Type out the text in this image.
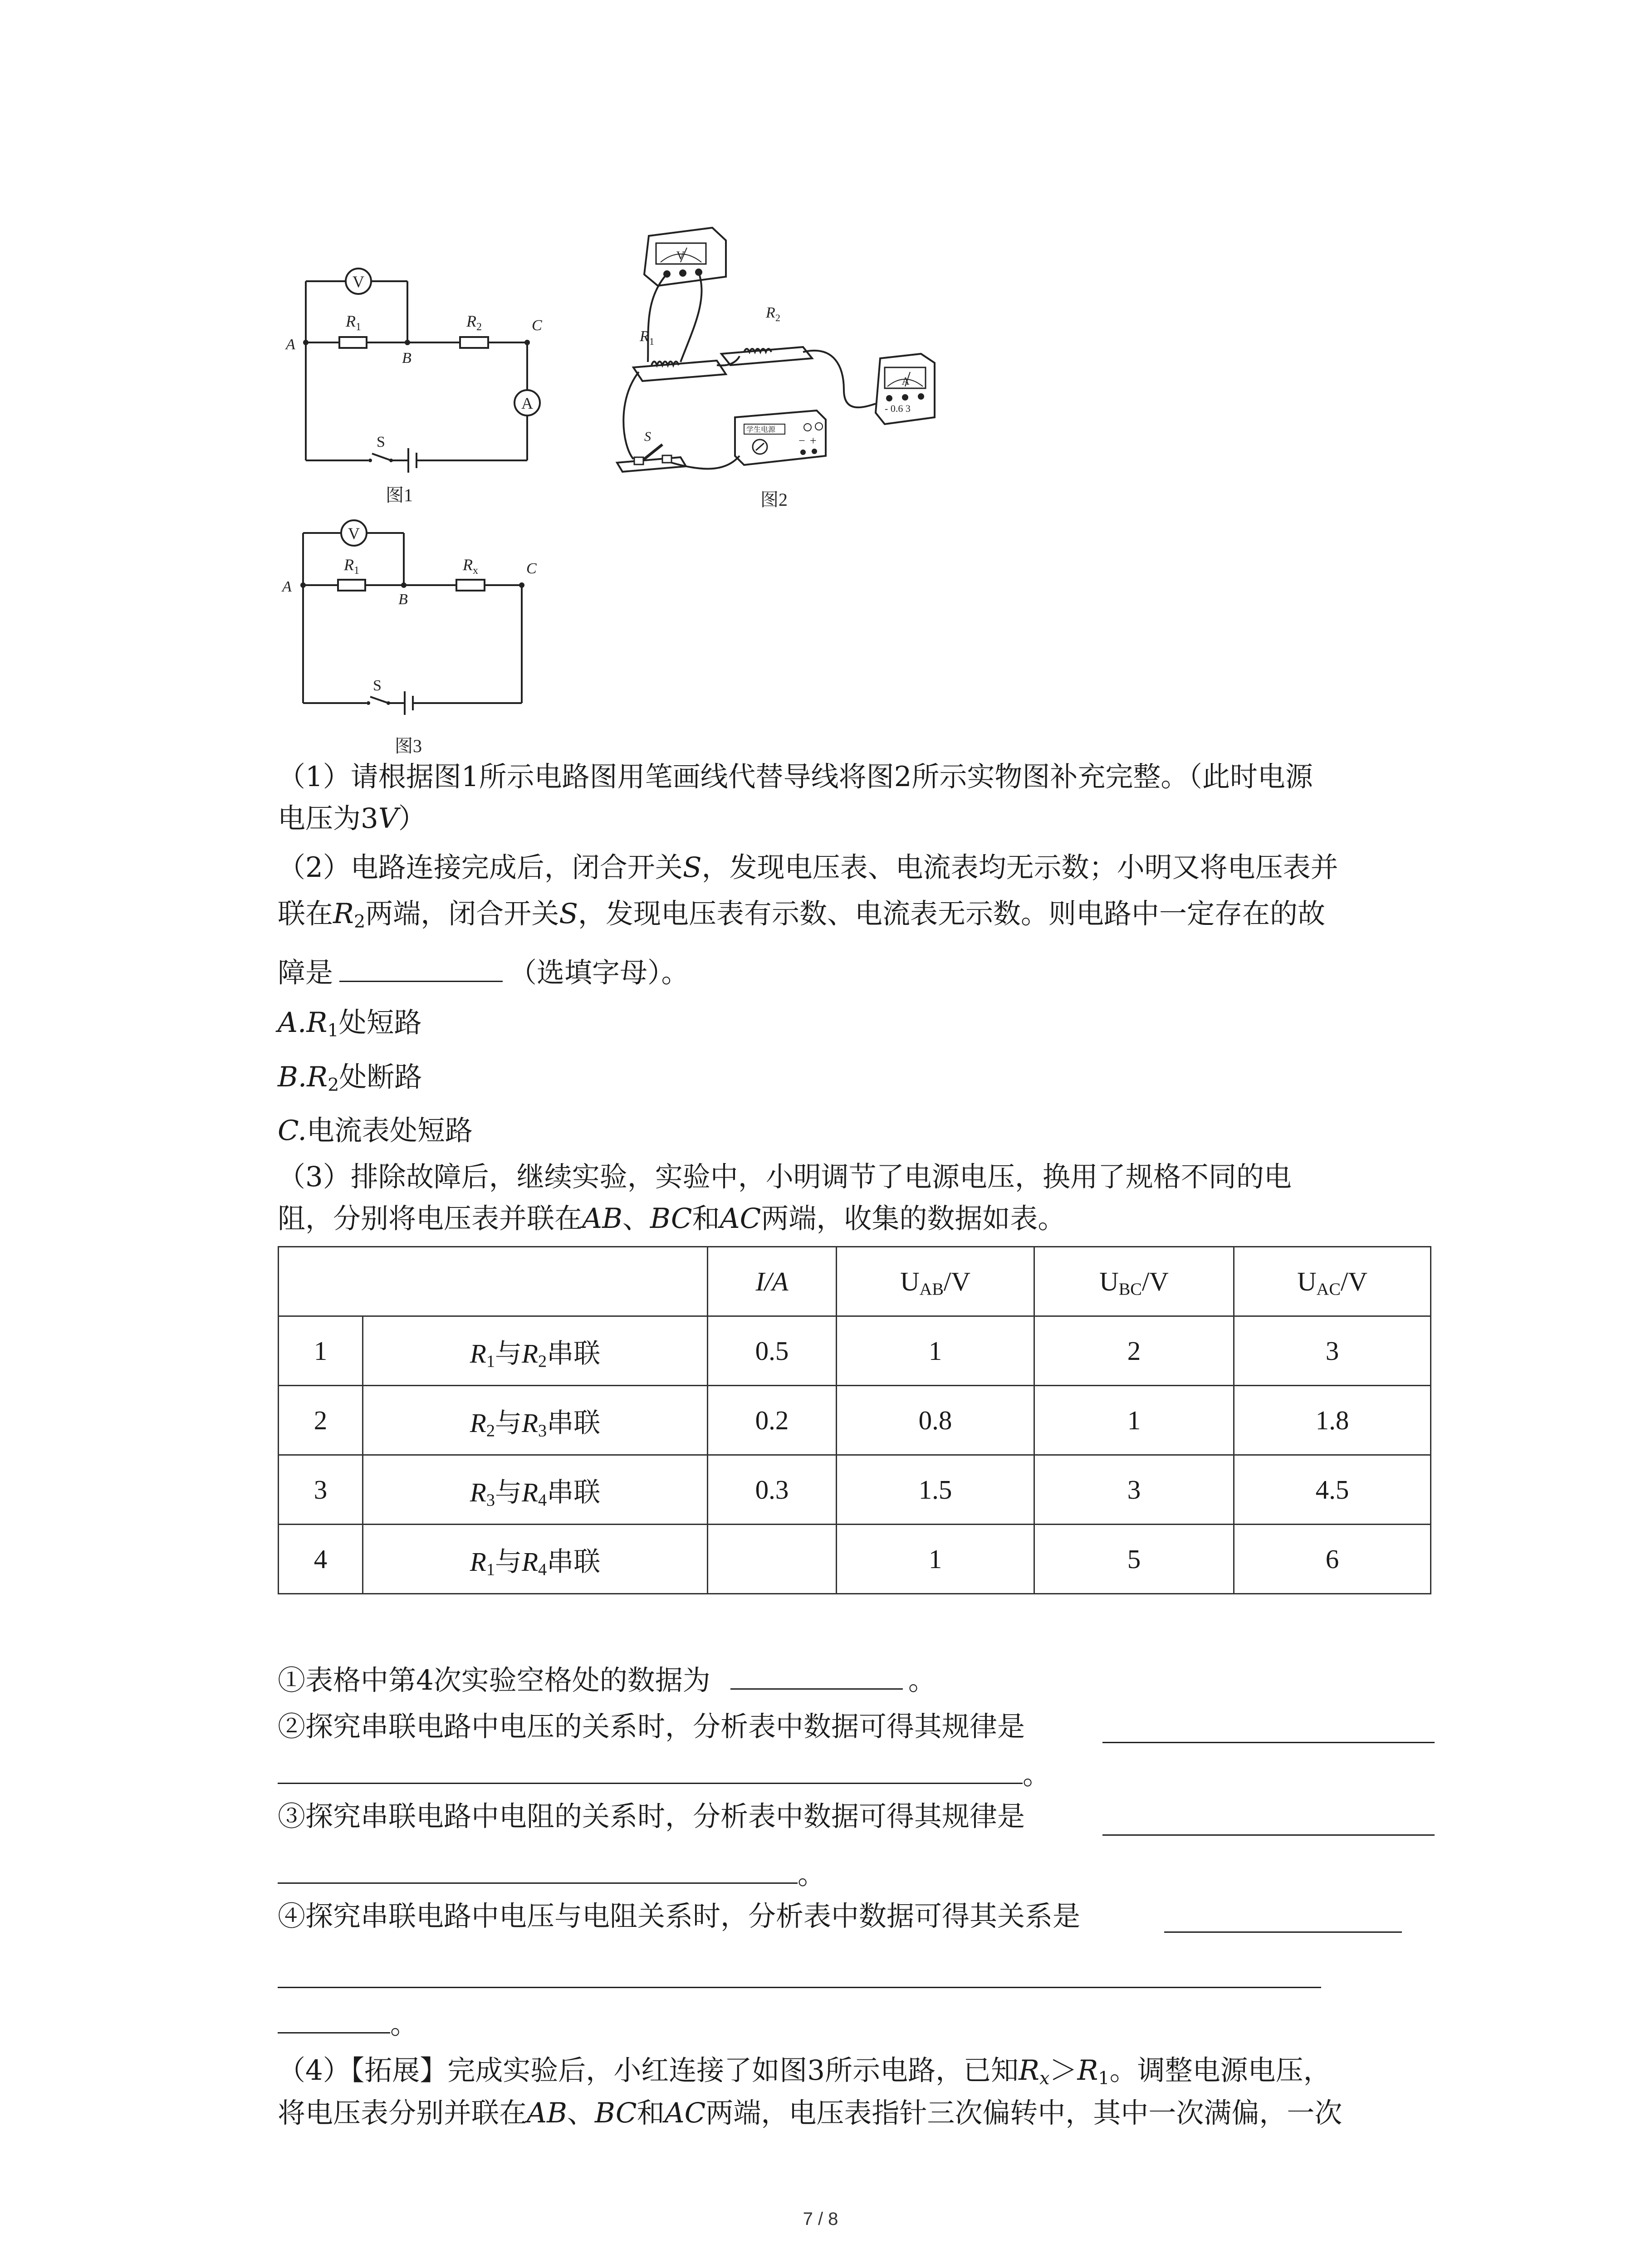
V
A
R 1	R 2
A
B
C
S
图1
V
R 1
R 2
A
- 0.6 3
学生电源
− +
S
图2
V
R 1	R x
A
B
C
S
图3
（1）请根据图1所示电路图用笔画线代替导线将图2所示实物图补充完整。（此时电源
电压为3V）
（2）电路连接完成后，闭合开关S，发现电压表、电流表均无示数；小明又将电压表并
联在$R_2$两端，闭合开关S，发现电压表有示数、电流表无示数。则电路中一定存在的故
障是	（选填字母）。
$A.R_1$处短路
$B.R_2$处断路
C.电流表处短路
（3）排除故障后，继续实验，实验中，小明调节了电源电压，换用了规格不同的电
阻，分别将电压表并联在AB、BC和AC两端，收集的数据如表。
		I/A	$U_{AB}/V$	$U_{BC}/V$	$U_{AC}/V$
1	$R_1$与$R_2$串联	0.5	1	2	3
2	$R_2$与$R_3$串联	0.2	0.8	1	1.8
3	$R_3$与$R_4$串联	0.3	1.5	3	4.5
4	$R_1$与$R_4$串联		1	5	6
①表格中第4次实验空格处的数据为	。
②探究串联电路中电压的关系时，分析表中数据可得其规律是
。
③探究串联电路中电阻的关系时，分析表中数据可得其规律是
。
④探究串联电路中电压与电阻关系时，分析表中数据可得其关系是
。
（4）【拓展】完成实验后，小红连接了如图3所示电路，已知$R_x>R_1$。调整电源电压，
将电压表分别并联在AB、BC和AC两端，电压表指针三次偏转中，其中一次满偏，一次
7 / 8
